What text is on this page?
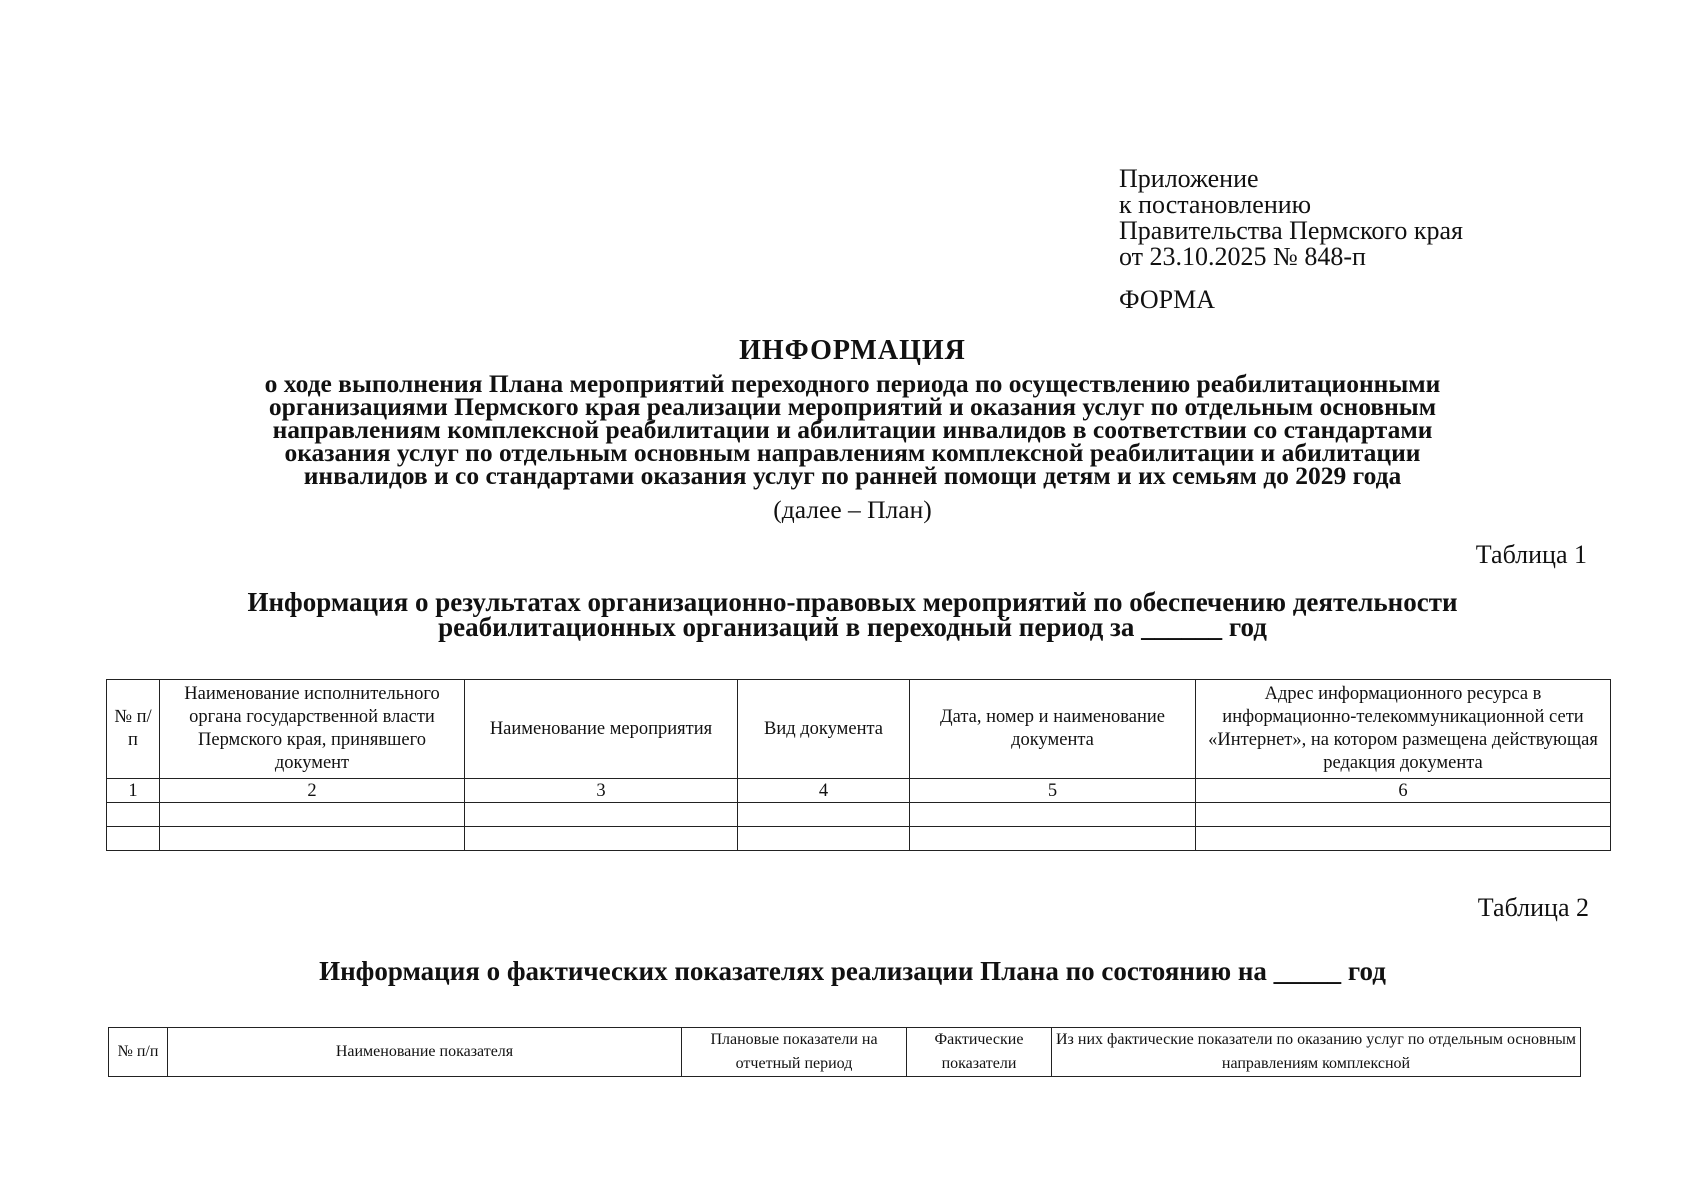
Приложение
к постановлению
Правительства Пермского края
от 23.10.2025 № 848-п
ФОРМА
ИНФОРМАЦИЯ
о ходе выполнения Плана мероприятий переходного периода по осуществлению реабилитационными
организациями Пермского края реализации мероприятий и оказания услуг по отдельным основным
направлениям комплексной реабилитации и абилитации инвалидов в соответствии со стандартами
оказания услуг по отдельным основным направлениям комплексной реабилитации и абилитации
инвалидов и со стандартами оказания услуг по ранней помощи детям и их семьям до 2029 года
(далее – План)
Таблица 1
Информация о результатах организационно-правовых мероприятий по обеспечению деятельности
реабилитационных организаций в переходный период за ______ год
№ п/п	Наименование исполнительного органа государственной власти Пермского края, принявшего документ	Наименование мероприятия	Вид документа	Дата, номер и наименование документа	Адрес информационного ресурса в информационно-телекоммуникационной сети «Интернет», на котором размещена действующая редакция документа
1	2	3	4	5	6

Таблица 2
Информация о фактических показателях реализации Плана по состоянию на _____ год
№ п/п	Наименование показателя	Плановые показатели на отчетный период	Фактические показатели	Из них фактические показатели по оказанию услуг по отдельным основным направлениям комплексной
